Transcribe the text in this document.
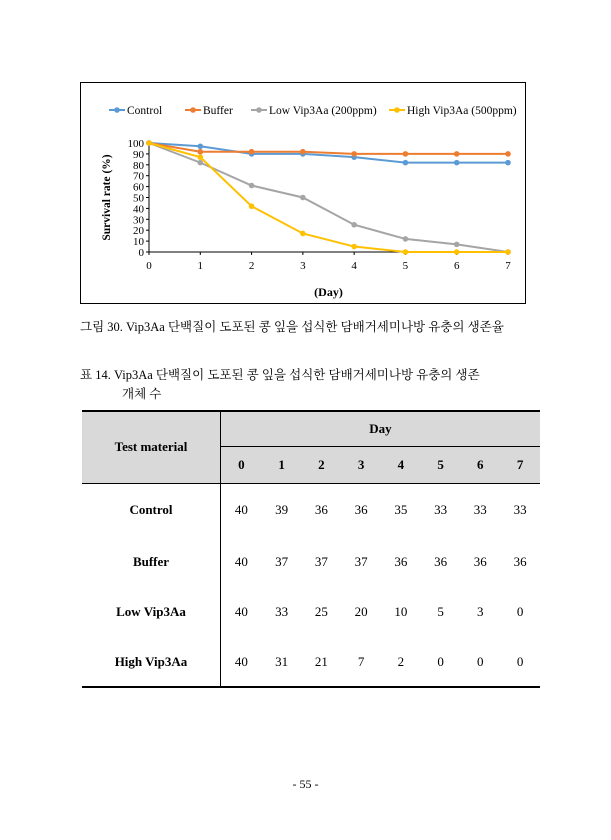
0
10
20
30
40
50
60
70
80
90
100
0	1	2	3	4	5	6	7
(Day)
Survival rate (%)
Control	Buffer	Low Vip3Aa (200ppm)	High Vip3Aa (500ppm)
그림 30. Vip3Aa 단백질이 도포된 콩 잎을 섭식한 담배거세미나방 유충의 생존율
표 14. Vip3Aa 단백질이 도포된 콩 잎을 섭식한 담배거세미나방 유충의 생존
개체 수
Test material	Day							
	0	1	2	3	4	5	6	7
Control	40	39	36	36	35	33	33	33
Buffer	40	37	37	37	36	36	36	36
Low Vip3Aa	40	33	25	20	10	5	3	0
High Vip3Aa	40	31	21	7	2	0	0	0
- 55 -
